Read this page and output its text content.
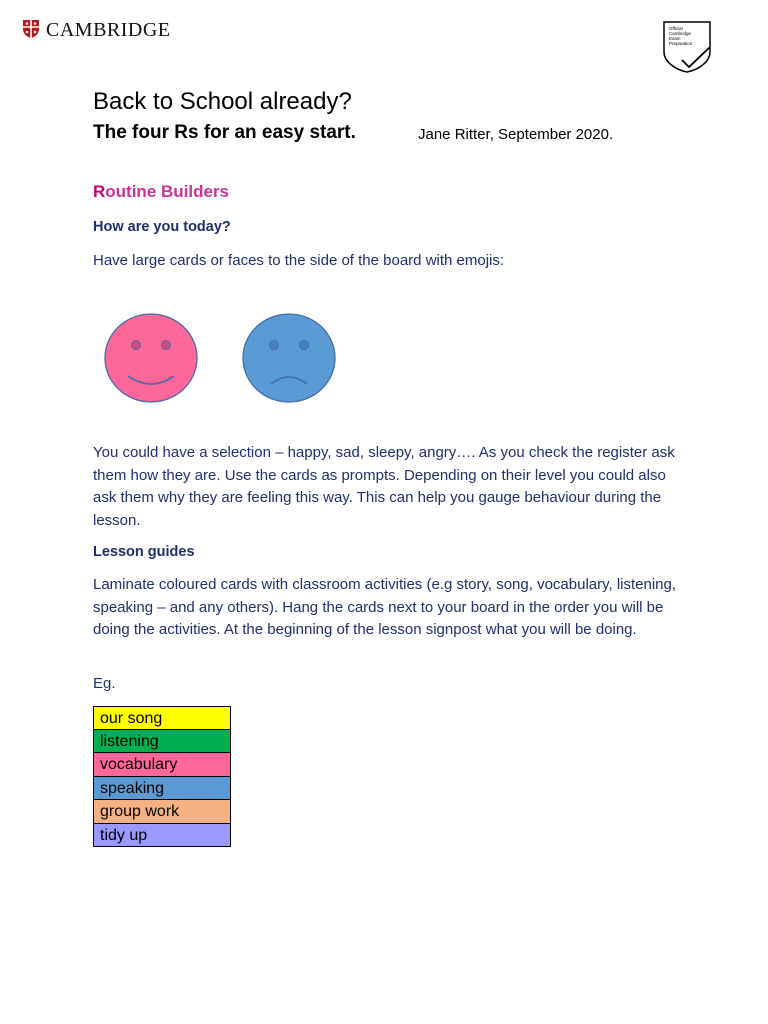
CAMBRIDGE	Official
Cambridge
Exam
Preparation
Back to School already?
The four Rs for an easy start.	Jane Ritter, September 2020.
Routine Builders
How are you today?

Have large cards or faces to the side of the board with emojis:

You could have a selection – happy, sad, sleepy, angry…. As you check the register ask them how they are. Use the cards as prompts. Depending on their level you could also ask them why they are feeling this way. This can help you gauge behaviour during the lesson.

Lesson guides

Laminate coloured cards with classroom activities (e.g story, song, vocabulary, listening, speaking – and any others). Hang the cards next to your board in the order you will be doing the activities. At the beginning of the lesson signpost what you will be doing.

Eg.

our song
listening
vocabulary
speaking
group work
tidy up
